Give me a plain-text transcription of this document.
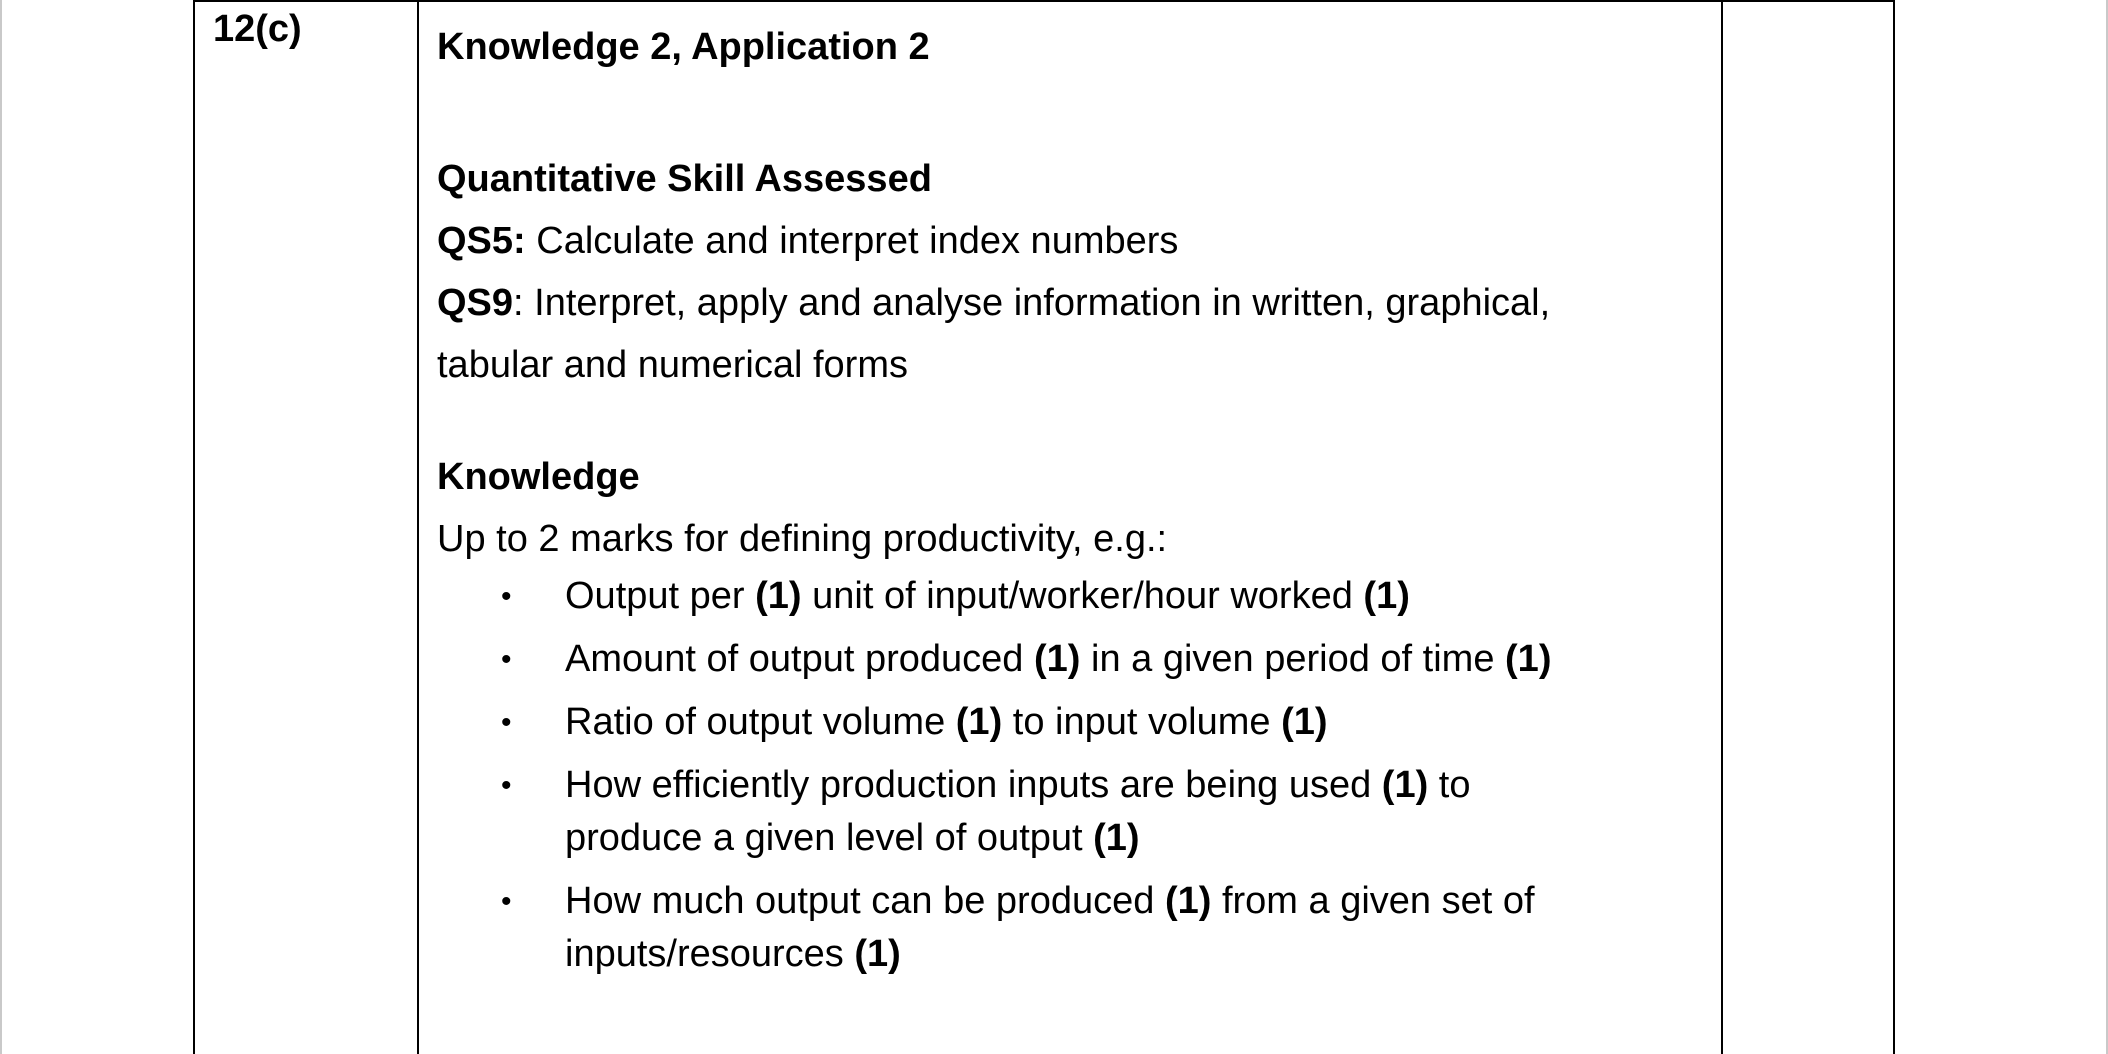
12(c)	Knowledge 2, Application 2
Quantitative Skill Assessed
QS5: Calculate and interpret index numbers
QS9: Interpret, apply and analyse information in written, graphical,
tabular and numerical forms
Knowledge
Up to 2 marks for defining productivity, e.g.:
• Output per (1) unit of input/worker/hour worked (1)
• Amount of output produced (1) in a given period of time (1)
• Ratio of output volume (1) to input volume (1)
• How efficiently production inputs are being used (1) to
produce a given level of output (1)
• How much output can be produced (1) from a given set of
inputs/resources (1)
